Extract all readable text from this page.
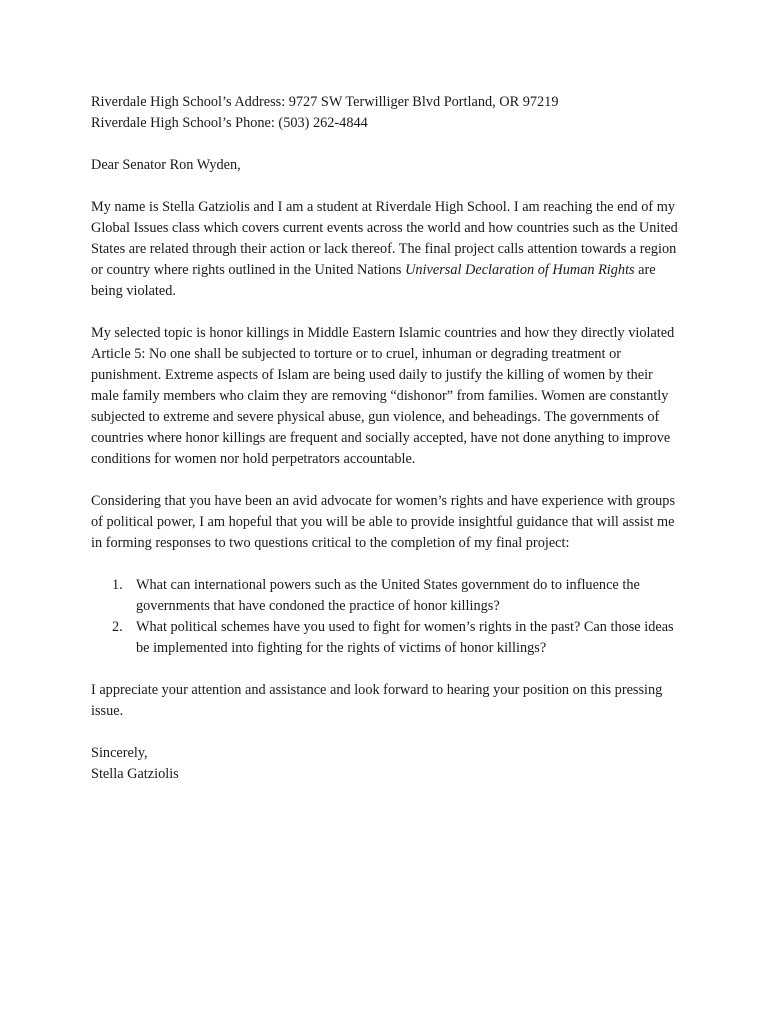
Riverdale High School’s Address: 9727 SW Terwilliger Blvd Portland, OR 97219

Riverdale High School’s Phone: (503) 262-4844

Dear Senator Ron Wyden,

My name is Stella Gatziolis and I am a student at Riverdale High School. I am reaching the end of my Global Issues class which covers current events across the world and how countries such as the United States are related through their action or lack thereof. The final project calls attention towards a region or country where rights outlined in the United Nations Universal Declaration of Human Rights are being violated.

My selected topic is honor killings in Middle Eastern Islamic countries and how they directly violated Article 5: No one shall be subjected to torture or to cruel, inhuman or degrading treatment or punishment. Extreme aspects of Islam are being used daily to justify the killing of women by their male family members who claim they are removing “dishonor” from families. Women are constantly subjected to extreme and severe physical abuse, gun violence, and beheadings. The governments of countries where honor killings are frequent and socially accepted, have not done anything to improve conditions for women nor hold perpetrators accountable.

Considering that you have been an avid advocate for women’s rights and have experience with groups of political power, I am hopeful that you will be able to provide insightful guidance that will assist me in forming responses to two questions critical to the completion of my final project:

1. What can international powers such as the United States government do to influence the governments that have condoned the practice of honor killings?
2. What political schemes have you used to fight for women’s rights in the past? Can those ideas be implemented into fighting for the rights of victims of honor killings?

I appreciate your attention and assistance and look forward to hearing your position on this pressing issue.

Sincerely,

Stella Gatziolis
